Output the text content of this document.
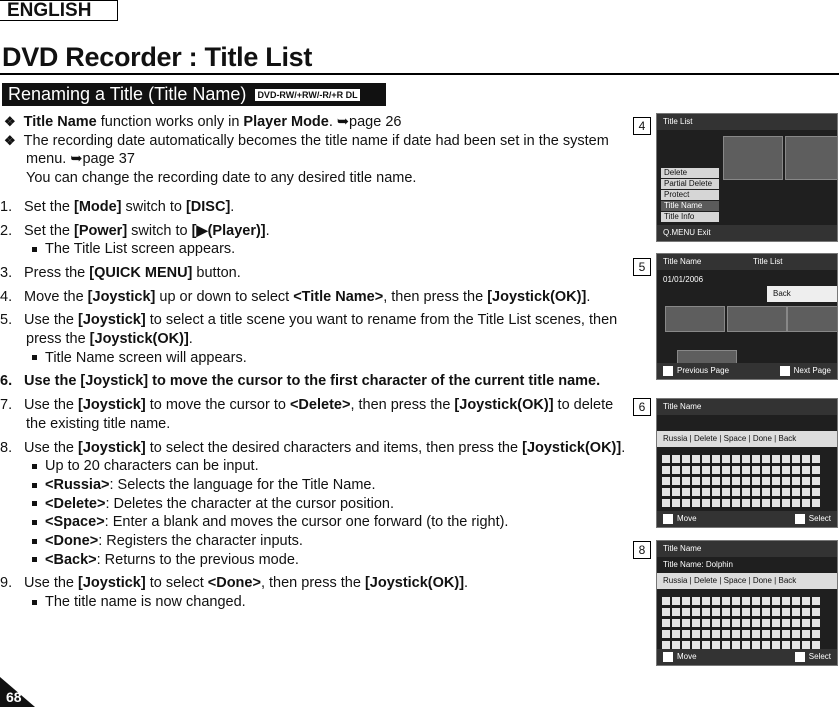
ENGLISH
DVD Recorder : Title List
Renaming a Title (Title Name) DVD-RW/+RW/-R/+R DL
❖ Title Name function works only in Player Mode. ➥page 26
❖ The recording date automatically becomes the title name if date had been set in the system
menu. ➥page 37
You can change the recording date to any desired title name.
1. Set the [Mode] switch to [DISC].
2. Set the [Power] switch to [▶(Player)].
The Title List screen appears.
3. Press the [QUICK MENU] button.
4. Move the [Joystick] up or down to select <Title Name>, then press the [Joystick(OK)].
5. Use the [Joystick] to select a title scene you want to rename from the Title List scenes, then
press the [Joystick(OK)].
Title Name screen will appears.
6. Use the [Joystick] to move the cursor to the first character of the current title name.
7. Use the [Joystick] to move the cursor to <Delete>, then press the [Joystick(OK)] to delete
the existing title name.
8. Use the [Joystick] to select the desired characters and items, then press the [Joystick(OK)].
Up to 20 characters can be input.
<Russia>: Selects the language for the Title Name.
<Delete>: Deletes the character at the cursor position.
<Space>: Enter a blank and moves the cursor one forward (to the right).
<Done>: Registers the character inputs.
<Back>: Returns to the previous mode.
9. Use the [Joystick] to select <Done>, then press the [Joystick(OK)].
The title name is now changed.
4	Title List
Delete
Partial Delete
Protect
Title Name
Title Info
Q.MENU Exit
5	Title Name
01/01/2006
Title List
Back
Previous Page	Next Page
6	Title Name
Russia | Delete | Space | Done | Back
Move	Select
8	Title Name
Title Name: Dolphin
Russia | Delete | Space | Done | Back
Move	Select
68
